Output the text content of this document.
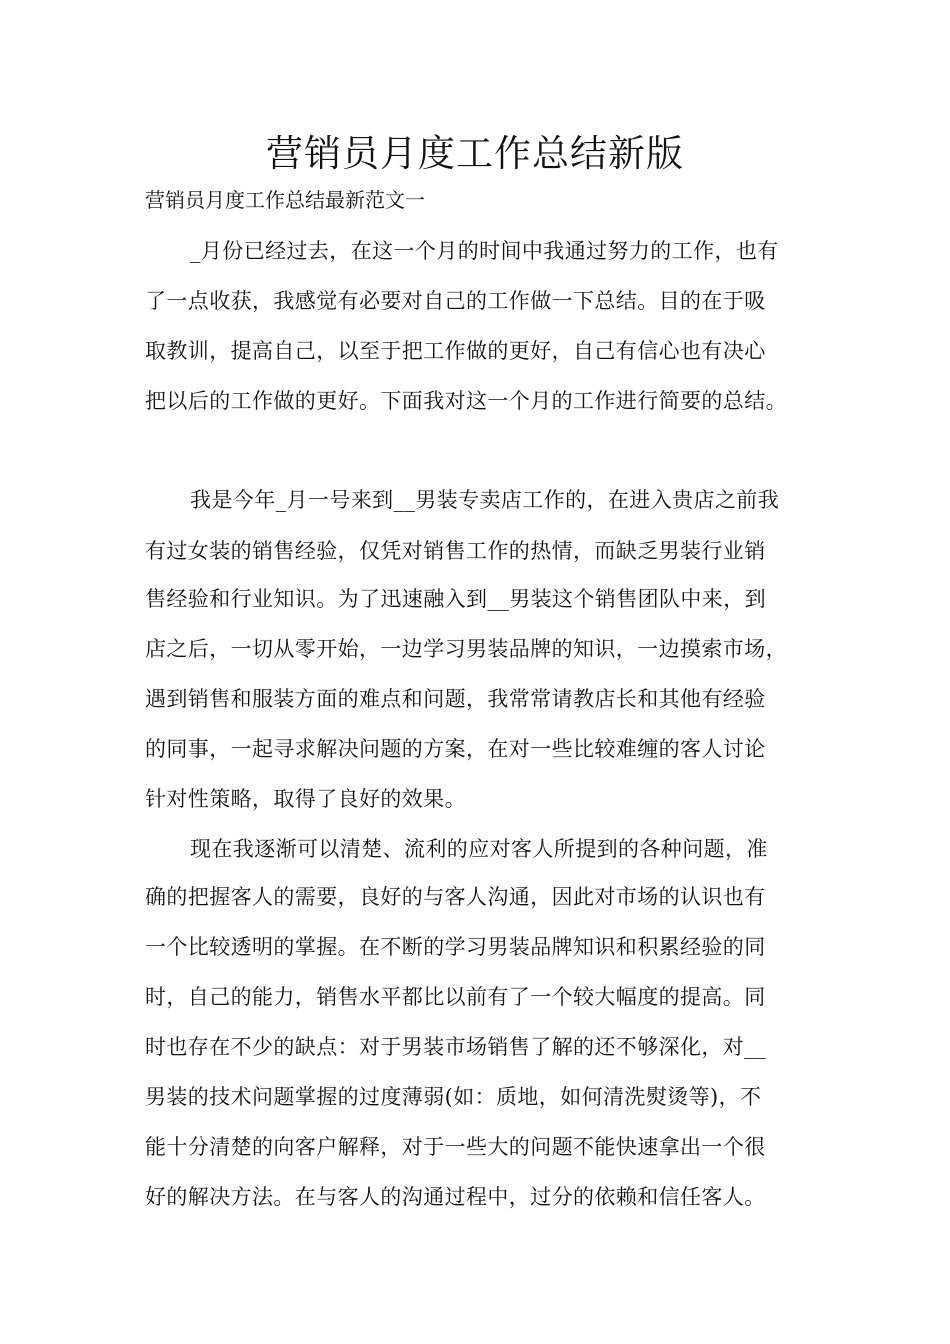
营销员月度工作总结新版

营销员月度工作总结最新范文一

_月份已经过去，在这一个月的时间中我通过努力的工作，也有

了一点收获，我感觉有必要对自己的工作做一下总结。目的在于吸

取教训，提高自己，以至于把工作做的更好，自己有信心也有决心

把以后的工作做的更好。下面我对这一个月的工作进行简要的总结。

我是今年_月一号来到__男装专卖店工作的，在进入贵店之前我

有过女装的销售经验，仅凭对销售工作的热情，而缺乏男装行业销

售经验和行业知识。为了迅速融入到__男装这个销售团队中来，到

店之后，一切从零开始，一边学习男装品牌的知识，一边摸索市场，

遇到销售和服装方面的难点和问题，我常常请教店长和其他有经验

的同事，一起寻求解决问题的方案，在对一些比较难缠的客人讨论

针对性策略，取得了良好的效果。

现在我逐渐可以清楚、流利的应对客人所提到的各种问题，准

确的把握客人的需要，良好的与客人沟通，因此对市场的认识也有

一个比较透明的掌握。在不断的学习男装品牌知识和积累经验的同

时，自己的能力，销售水平都比以前有了一个较大幅度的提高。同

时也存在不少的缺点：对于男装市场销售了解的还不够深化，对__

男装的技术问题掌握的过度薄弱(如：质地，如何清洗熨烫等)，不

能十分清楚的向客户解释，对于一些大的问题不能快速拿出一个很

好的解决方法。在与客人的沟通过程中，过分的依赖和信任客人。
